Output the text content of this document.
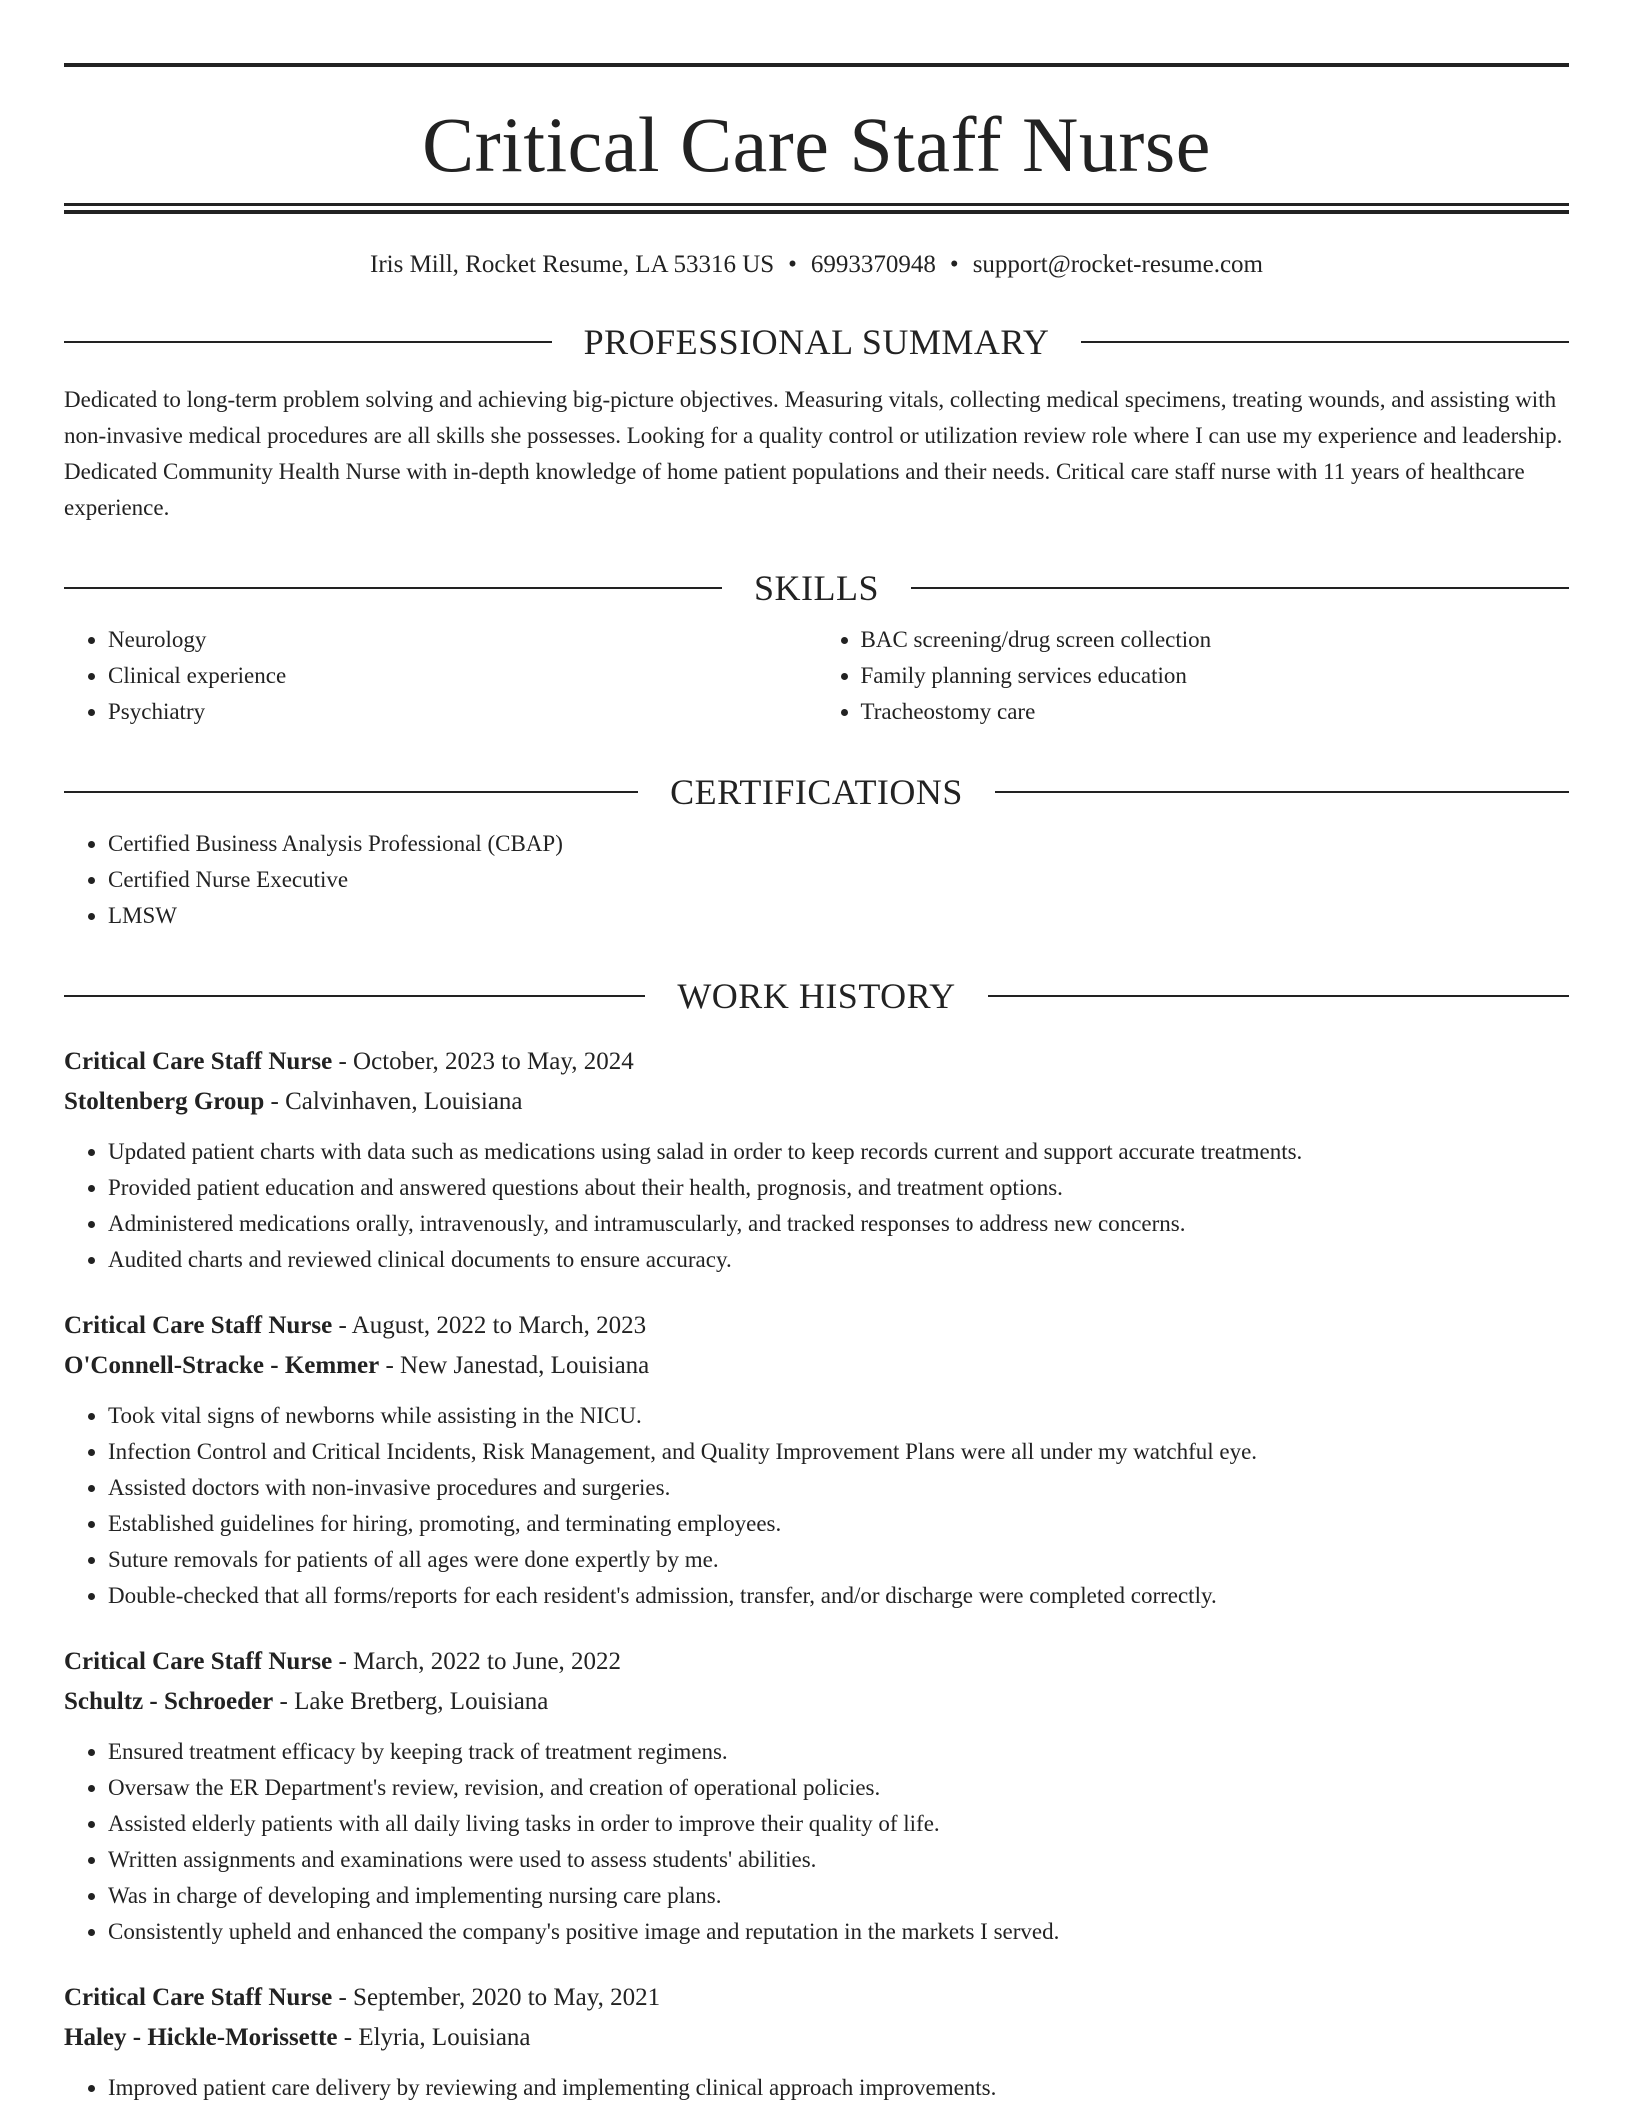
Critical Care Staff Nurse
Iris Mill, Rocket Resume, LA 53316 US • 6993370948 • support@rocket-resume.com
PROFESSIONAL SUMMARY
Dedicated to long-term problem solving and achieving big-picture objectives. Measuring vitals, collecting medical specimens, treating wounds, and assisting with non-invasive medical procedures are all skills she possesses. Looking for a quality control or utilization review role where I can use my experience and leadership. Dedicated Community Health Nurse with in-depth knowledge of home patient populations and their needs. Critical care staff nurse with 11 years of healthcare experience.
SKILLS
• Neurology
• Clinical experience
• Psychiatry
• BAC screening/drug screen collection
• Family planning services education
• Tracheostomy care
CERTIFICATIONS
• Certified Business Analysis Professional (CBAP)
• Certified Nurse Executive
• LMSW
WORK HISTORY
Critical Care Staff Nurse - October, 2023 to May, 2024
Stoltenberg Group - Calvinhaven, Louisiana
• Updated patient charts with data such as medications using salad in order to keep records current and support accurate treatments.
• Provided patient education and answered questions about their health, prognosis, and treatment options.
• Administered medications orally, intravenously, and intramuscularly, and tracked responses to address new concerns.
• Audited charts and reviewed clinical documents to ensure accuracy.
Critical Care Staff Nurse - August, 2022 to March, 2023
O'Connell-Stracke - Kemmer - New Janestad, Louisiana
• Took vital signs of newborns while assisting in the NICU.
• Infection Control and Critical Incidents, Risk Management, and Quality Improvement Plans were all under my watchful eye.
• Assisted doctors with non-invasive procedures and surgeries.
• Established guidelines for hiring, promoting, and terminating employees.
• Suture removals for patients of all ages were done expertly by me.
• Double-checked that all forms/reports for each resident's admission, transfer, and/or discharge were completed correctly.
Critical Care Staff Nurse - March, 2022 to June, 2022
Schultz - Schroeder - Lake Bretberg, Louisiana
• Ensured treatment efficacy by keeping track of treatment regimens.
• Oversaw the ER Department's review, revision, and creation of operational policies.
• Assisted elderly patients with all daily living tasks in order to improve their quality of life.
• Written assignments and examinations were used to assess students' abilities.
• Was in charge of developing and implementing nursing care plans.
• Consistently upheld and enhanced the company's positive image and reputation in the markets I served.
Critical Care Staff Nurse - September, 2020 to May, 2021
Haley - Hickle-Morissette - Elyria, Louisiana
• Improved patient care delivery by reviewing and implementing clinical approach improvements.
